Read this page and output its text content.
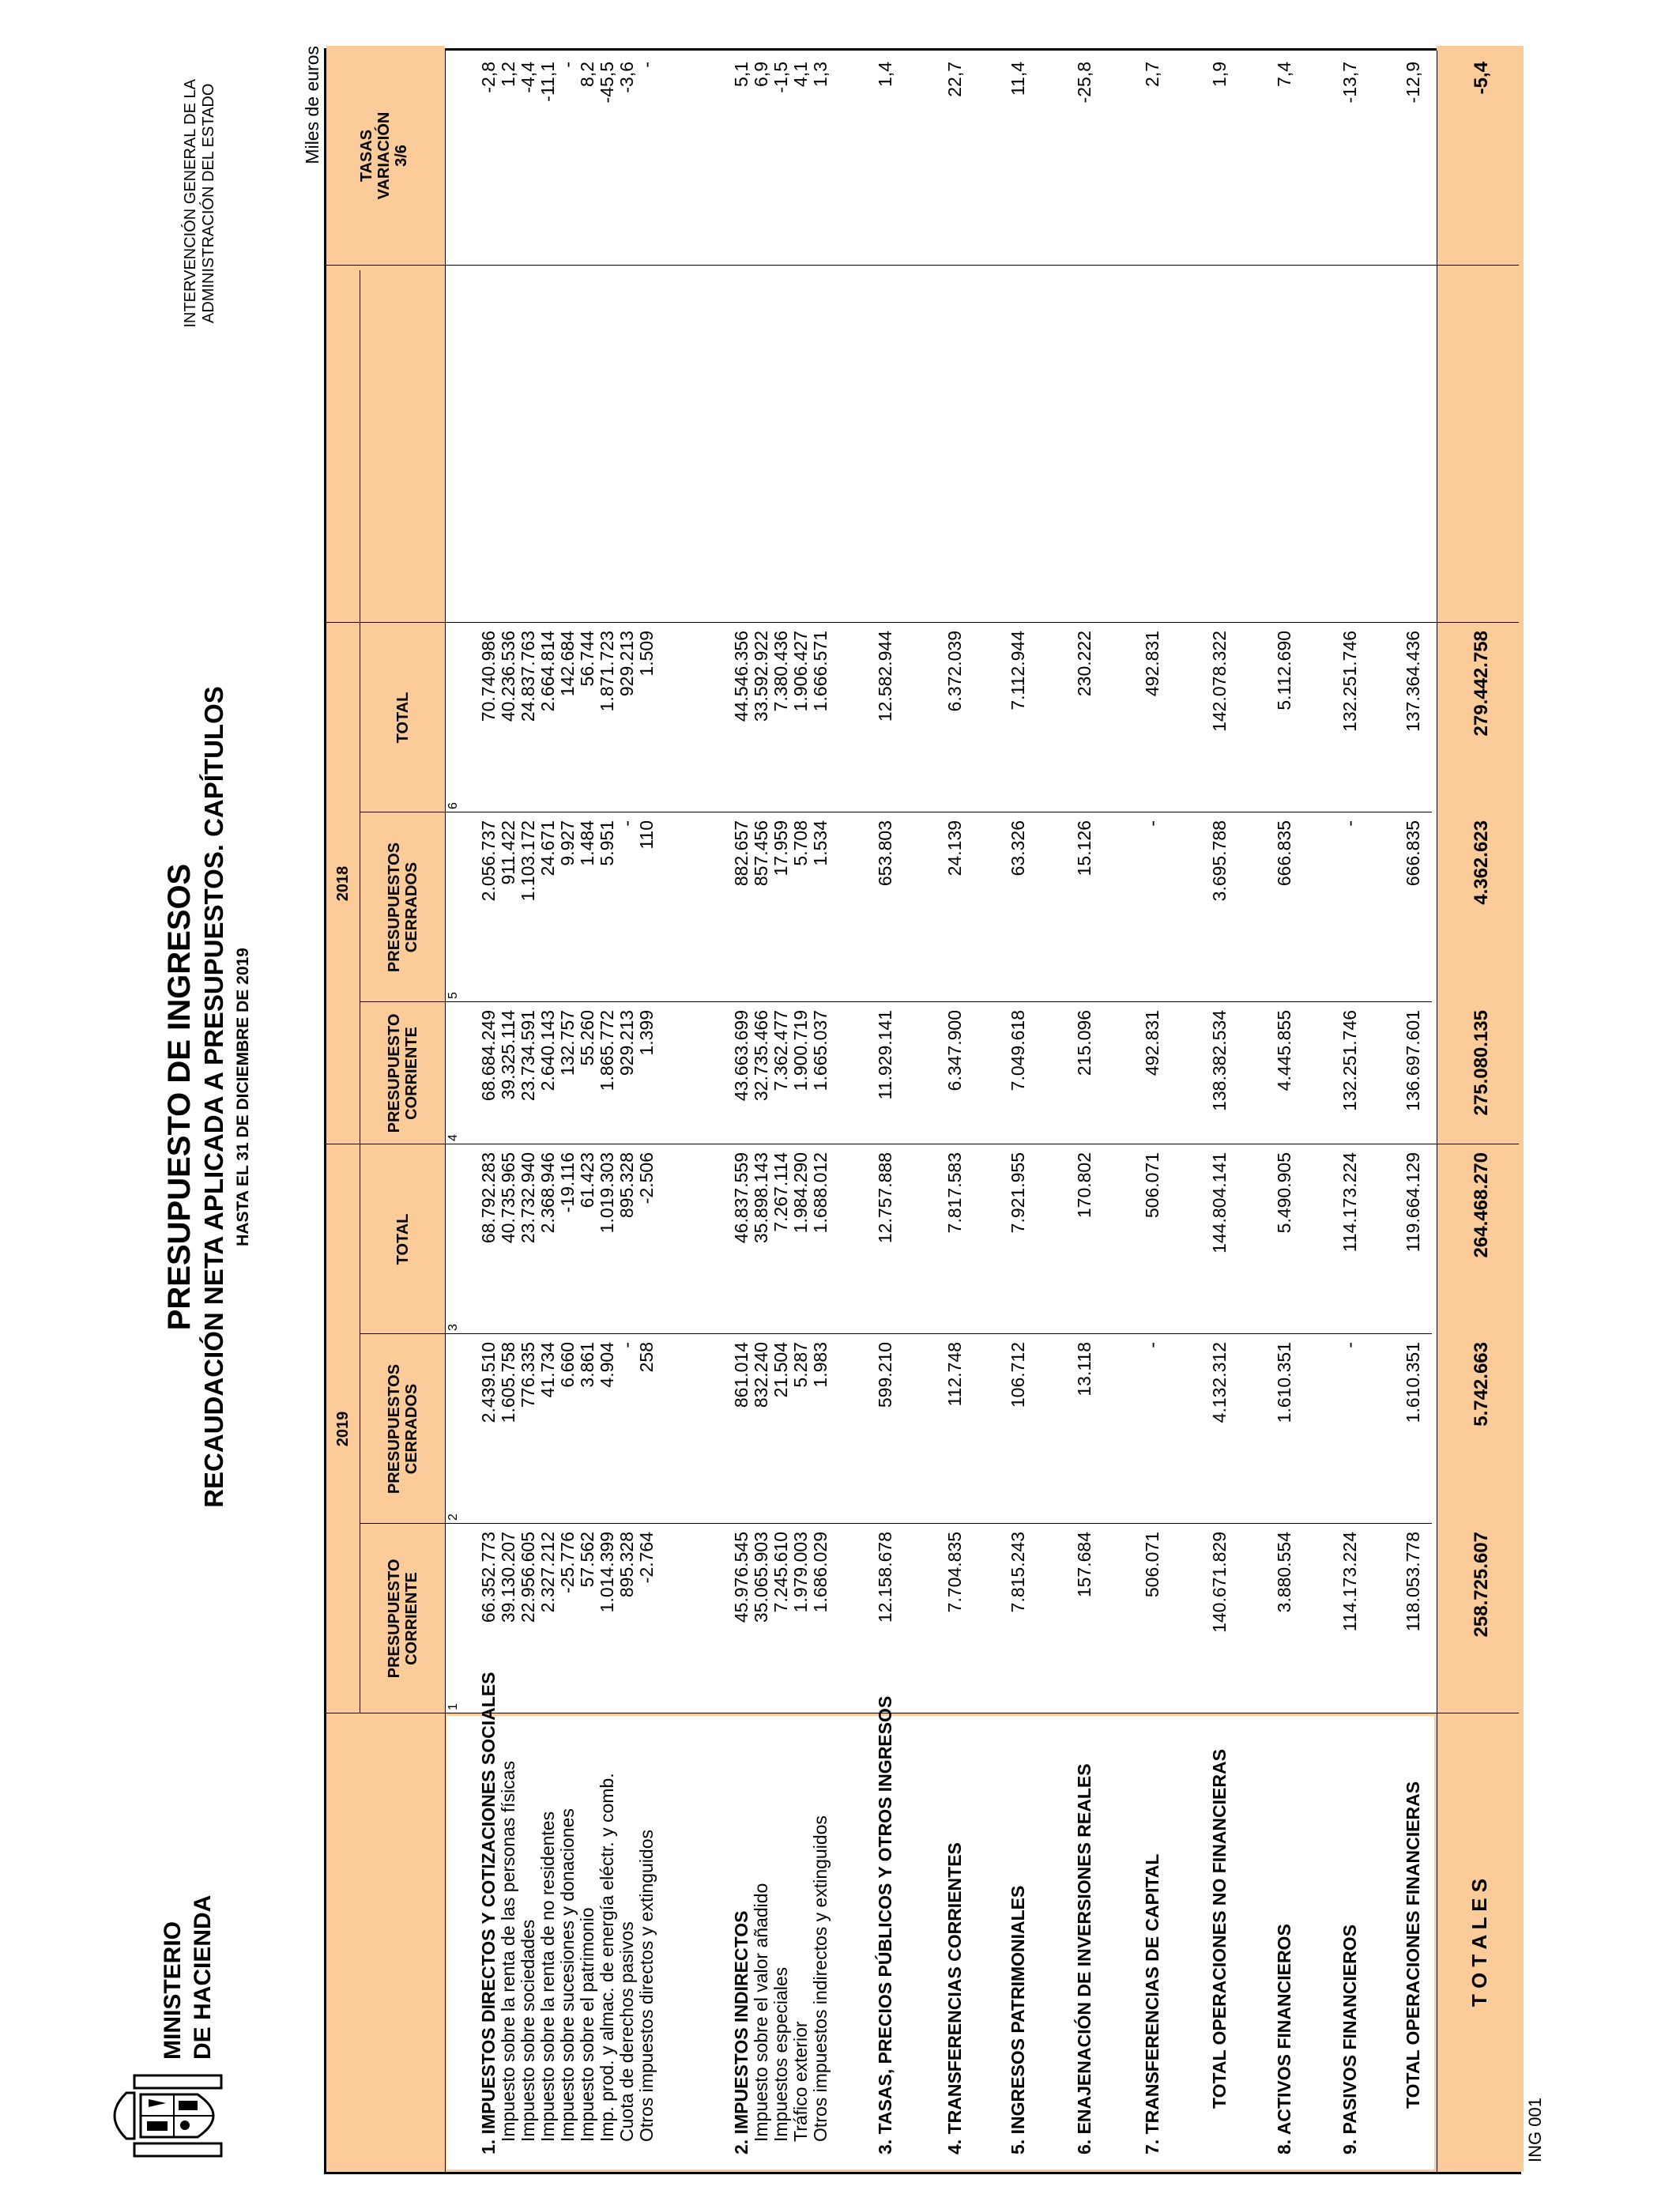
MINISTERIO DE HACIENDA
PRESUPUESTO DE INGRESOS RECAUDACIÓN NETA APLICADA A PRESUPUESTOS. CAPÍTULOS HASTA EL 31 DE DICIEMBRE DE 2019
INTERVENCIÓN GENERAL DE LA ADMINISTRACIÓN DEL ESTADO	Miles de euros
2019
2018
PRESUPUESTO CORRIENTE
PRESUPUESTOS CERRADOS
TOTAL
PRESUPUESTO CORRIENTE
PRESUPUESTOS CERRADOS
TOTAL
TASAS VARIACIÓN 3/6
1
2
3
4
5
6
1. IMPUESTOS DIRECTOS Y COTIZACIONES SOCIALES
66.352.773
2.439.510
68.792.283
68.684.249
2.056.737
70.740.986
-2,8
Impuesto sobre la renta de las personas físicas
39.130.207
1.605.758
40.735.965
39.325.114
911.422
40.236.536
1,2
Impuesto sobre sociedades
22.956.605
776.335
23.732.940
23.734.591
1.103.172
24.837.763
-4,4
Impuesto sobre la renta de no residentes
2.327.212
41.734
2.368.946
2.640.143
24.671
2.664.814
-11,1
Impuesto sobre sucesiones y donaciones
-25.776
6.660
-19.116
132.757
9.927
142.684
-
Impuesto sobre el patrimonio
57.562
3.861
61.423
55.260
1.484
56.744
8,2
Imp. prod. y almac. de energía eléctr. y comb.
1.014.399
4.904
1.019.303
1.865.772
5.951
1.871.723
-45,5
Cuota de derechos pasivos
895.328
-
895.328
929.213
-
929.213
-3,6
Otros impuestos directos y extinguidos
-2.764
258
-2.506
1.399
110
1.509
-
2. IMPUESTOS INDIRECTOS
45.976.545
861.014
46.837.559
43.663.699
882.657
44.546.356
5,1
Impuesto sobre el valor añadido
35.065.903
832.240
35.898.143
32.735.466
857.456
33.592.922
6,9
Impuestos especiales
7.245.610
21.504
7.267.114
7.362.477
17.959
7.380.436
-1,5
Tráfico exterior
1.979.003
5.287
1.984.290
1.900.719
5.708
1.906.427
4,1
Otros impuestos indirectos y extinguidos
1.686.029
1.983
1.688.012
1.665.037
1.534
1.666.571
1,3
3. TASAS, PRECIOS PÚBLICOS Y OTROS INGRESOS
12.158.678
599.210
12.757.888
11.929.141
653.803
12.582.944
1,4
4. TRANSFERENCIAS CORRIENTES
7.704.835
112.748
7.817.583
6.347.900
24.139
6.372.039
22,7
5. INGRESOS PATRIMONIALES
7.815.243
106.712
7.921.955
7.049.618
63.326
7.112.944
11,4
6. ENAJENACIÓN DE INVERSIONES REALES
157.684
13.118
170.802
215.096
15.126
230.222
-25,8
7. TRANSFERENCIAS DE CAPITAL
506.071
-
506.071
492.831
-
492.831
2,7
TOTAL OPERACIONES NO FINANCIERAS
140.671.829
4.132.312
144.804.141
138.382.534
3.695.788
142.078.322
1,9
8. ACTIVOS FINANCIEROS
3.880.554
1.610.351
5.490.905
4.445.855
666.835
5.112.690
7,4
9. PASIVOS FINANCIEROS
114.173.224
-
114.173.224
132.251.746
-
132.251.746
-13,7
TOTAL OPERACIONES FINANCIERAS
118.053.778
1.610.351
119.664.129
136.697.601
666.835
137.364.436
-12,9
T O T A L E S
258.725.607
5.742.663
264.468.270
275.080.135
4.362.623
279.442.758
-5,4
ING 001
